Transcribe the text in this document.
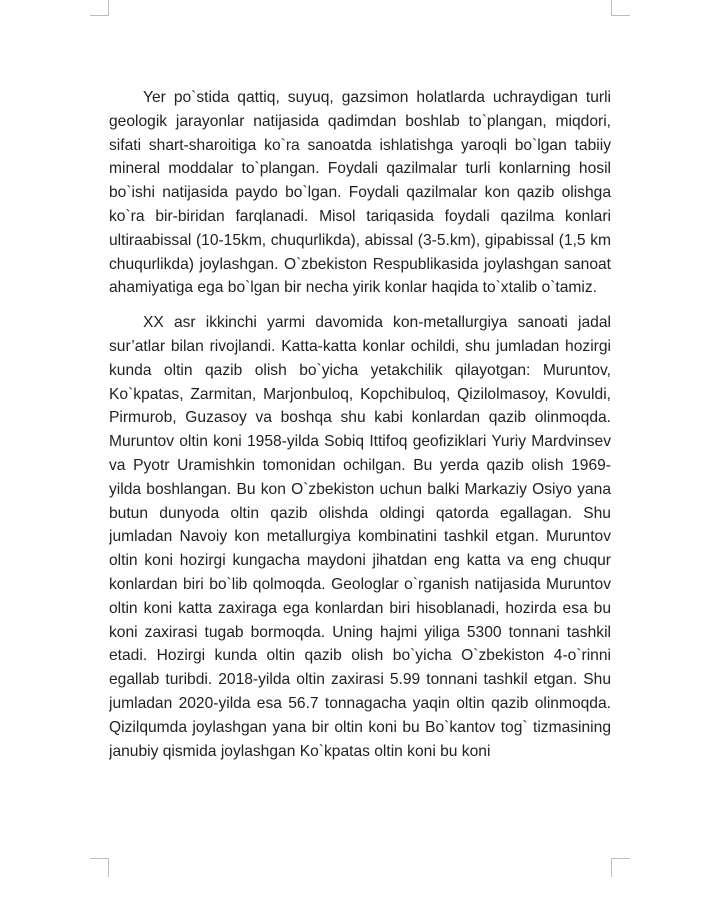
Yer po`stida qattiq, suyuq, gazsimon holatlarda uchraydigan turli geologik jarayonlar natijasida qadimdan boshlab to`plangan, miqdori, sifati shart-sharoitiga ko`ra sanoatda ishlatishga yaroqli bo`lgan tabiiy mineral moddalar to`plangan. Foydali qazilmalar turli konlarning hosil bo`ishi natijasida paydo bo`lgan. Foydali qazilmalar kon qazib olishga ko`ra bir-biridan farqlanadi. Misol tariqasida foydali qazilma konlari ultiraabissal (10-15km, chuqurlikda), abissal (3-5.km), gipabissal (1,5 km chuqurlikda) joylashgan. O`zbekiston Respublikasida joylashgan sanoat ahamiyatiga ega bo`lgan bir necha yirik konlar haqida to`xtalib o`tamiz.

XX asr ikkinchi yarmi davomida kon-metallurgiya sanoati jadal sur’atlar bilan rivojlandi. Katta-katta konlar ochildi, shu jumladan hozirgi kunda oltin qazib olish bo`yicha yetakchilik qilayotgan: Muruntov, Ko`kpatas, Zarmitan, Marjonbuloq, Kopchibuloq, Qizilolmasoy, Kovuldi, Pirmurob, Guzasoy va boshqa shu kabi konlardan qazib olinmoqda. Muruntov oltin koni 1958-yilda Sobiq Ittifoq geofiziklari Yuriy Mardvinsev va Pyotr Uramishkin tomonidan ochilgan. Bu yerda qazib olish 1969-yilda boshlangan. Bu kon O`zbekiston uchun balki Markaziy Osiyo yana butun dunyoda oltin qazib olishda oldingi qatorda egallagan. Shu jumladan Navoiy kon metallurgiya kombinatini tashkil etgan. Muruntov oltin koni hozirgi kungacha maydoni jihatdan eng katta va eng chuqur konlardan biri bo`lib qolmoqda. Geologlar o`rganish natijasida Muruntov oltin koni katta zaxiraga ega konlardan biri hisoblanadi, hozirda esa bu koni zaxirasi tugab bormoqda. Uning hajmi yiliga 5300 tonnani tashkil etadi. Hozirgi kunda oltin qazib olish bo`yicha O`zbekiston 4-o`rinni egallab turibdi. 2018-yilda oltin zaxirasi 5.99 tonnani tashkil etgan. Shu jumladan 2020-yilda esa 56.7 tonnagacha yaqin oltin qazib olinmoqda. Qizilqumda joylashgan yana bir oltin koni bu Bo`kantov tog` tizmasining janubiy qismida joylashgan Ko`kpatas oltin koni bu koni
